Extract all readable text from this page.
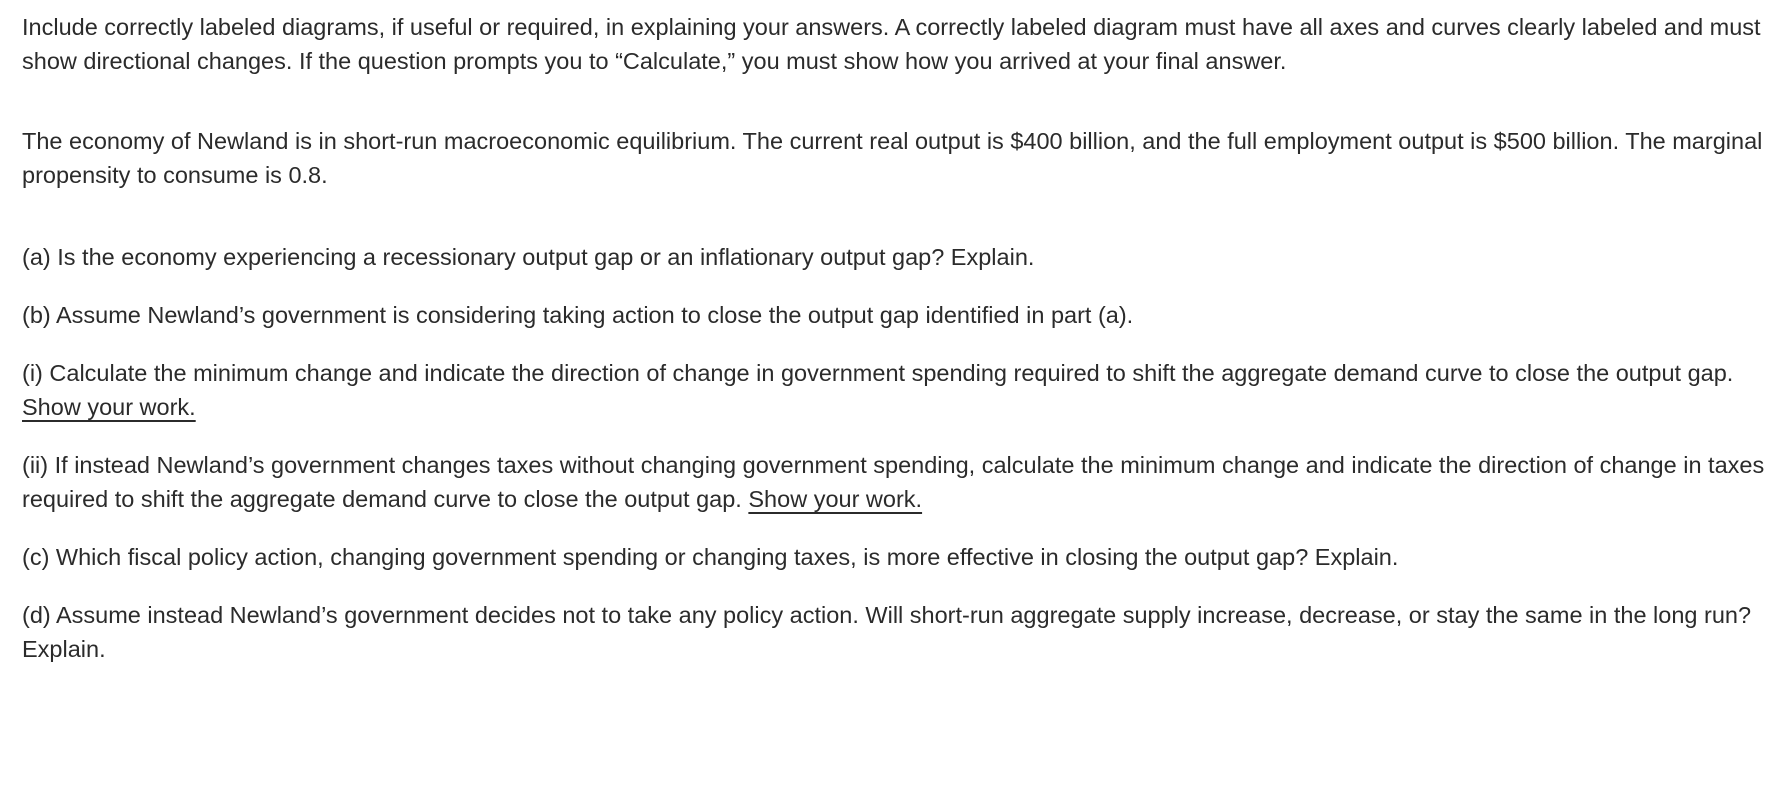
Include correctly labeled diagrams, if useful or required, in explaining your answers. A correctly labeled diagram must have all axes and curves clearly labeled and must show directional changes. If the question prompts you to “Calculate,” you must show how you arrived at your final answer.

The economy of Newland is in short-run macroeconomic equilibrium. The current real output is $400 billion, and the full employment output is $500 billion. The marginal propensity to consume is 0.8.

(a) Is the economy experiencing a recessionary output gap or an inflationary output gap? Explain.

(b) Assume Newland’s government is considering taking action to close the output gap identified in part (a).

(i) Calculate the minimum change and indicate the direction of change in government spending required to shift the aggregate demand curve to close the output gap. Show your work.

(ii) If instead Newland’s government changes taxes without changing government spending, calculate the minimum change and indicate the direction of change in taxes required to shift the aggregate demand curve to close the output gap. Show your work.

(c) Which fiscal policy action, changing government spending or changing taxes, is more effective in closing the output gap? Explain.

(d) Assume instead Newland’s government decides not to take any policy action. Will short-run aggregate supply increase, decrease, or stay the same in the long run? Explain.
